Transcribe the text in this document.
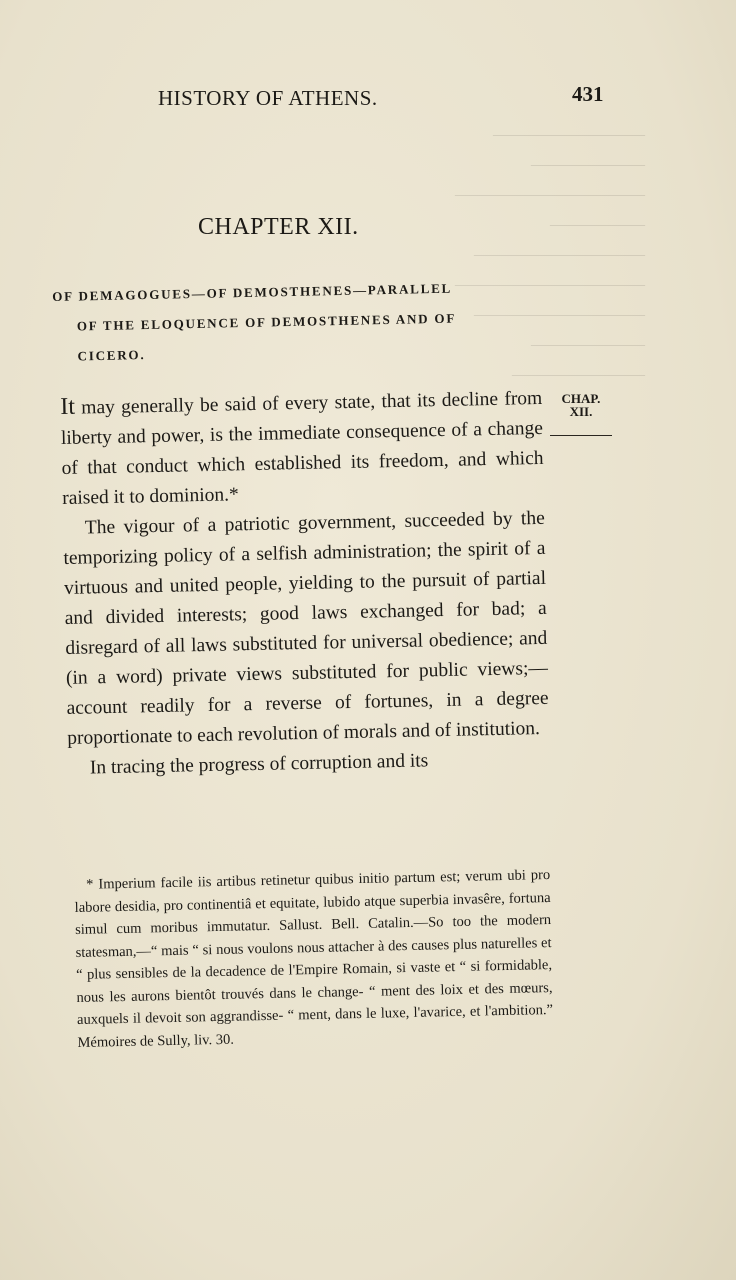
————————
——————
——————————
—————
—————————
——————————
—————————
——————
———————
HISTORY OF ATHENS.	431
CHAPTER XII.
OF DEMAGOGUES—OF DEMOSTHENES—PARALLEL
OF THE ELOQUENCE OF DEMOSTHENES AND OF
CICERO.
CHAP.
XII.

It may generally be said of every state, that its decline from liberty and power, is the immediate consequence of a change of that conduct which established its freedom, and which raised it to dominion.*

The vigour of a patriotic government, succeeded by the temporizing policy of a selfish administration; the spirit of a virtuous and united people, yielding to the pursuit of partial and divided interests; good laws exchanged for bad; a disregard of all laws substituted for universal obedience; and (in a word) private views substituted for public views;—account readily for a reverse of fortunes, in a degree proportionate to each revolution of morals and of institution.

In tracing the progress of corruption and its

* Imperium facile iis artibus retinetur quibus initio partum est; verum ubi pro labore desidia, pro continentiâ et equitate, lubido atque superbia invasêre, fortuna simul cum moribus immutatur. Sallust. Bell. Catalin.—So too the modern statesman,—“ mais “ si nous voulons nous attacher à des causes plus naturelles et “ plus sensibles de la decadence de l'Empire Romain, si vaste et “ si formidable, nous les aurons bientôt trouvés dans le change- “ ment des loix et des mœurs, auxquels il devoit son aggrandisse- “ ment, dans le luxe, l'avarice, et l'ambition.” Mémoires de Sully, liv. 30.
